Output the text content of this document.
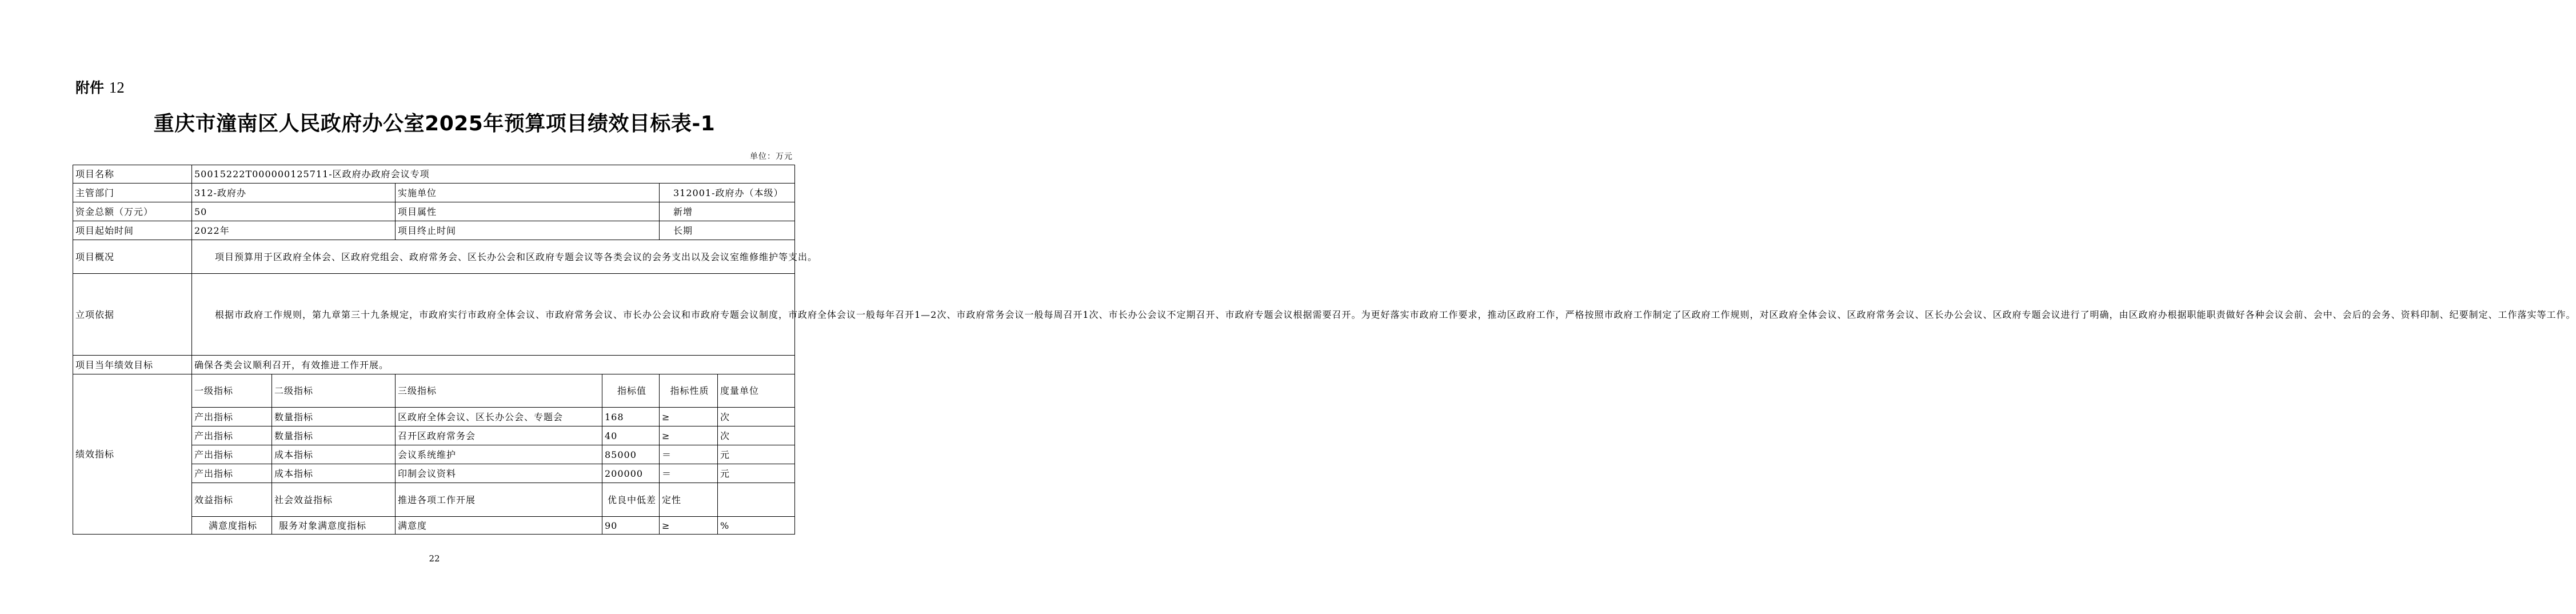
附件 12
重庆市潼南区人民政府办公室2025年预算项目绩效目标表-1
单位：万元
项目名称	50015222T000000125711-区政府办政府会议专项					
主管部门	312-政府办		实施单位		312001-政府办（本级）	
资金总额（万元）	50		项目属性		新增	
项目起始时间	2022年		项目终止时间		长期	
项目概况	项目预算用于区政府全体会、区政府党组会、政府常务会、区长办公会和区政府专题会议等各类会议的会务支出以及会议室维修维护等支出。					
立项依据	根据市政府工作规则，第九章第三十九条规定，市政府实行市政府全体会议、市政府常务会议、市长办公会议和市政府专题会议制度，市政府全体会议一般每年召开1—2次、市政府常务会议一般每周召开1次、市长办公会议不定期召开、市政府专题会议根据需要召开。为更好落实市政府工作要求，推动区政府工作，严格按照市政府工作制定了区政府工作规则，对区政府全体会议、区政府常务会议、区长办公会议、区政府专题会议进行了明确，由区政府办根据职能职责做好各种会议会前、会中、会后的会务、资料印制、纪要制定、工作落实等工作。					
项目当年绩效目标	确保各类会议顺利召开，有效推进工作开展。					
绩效指标	一级指标	二级指标	三级指标	指标值	指标性质	度量单位
	产出指标	数量指标	区政府全体会议、区长办公会、专题会	168	≥	次
	产出指标	数量指标	召开区政府常务会	40	≥	次
	产出指标	成本指标	会议系统维护	85000	＝	元
	产出指标	成本指标	印制会议资料	200000	＝	元
	效益指标	社会效益指标	推进各项工作开展	优良中低差	定性	
	满意度指标	服务对象满意度指标	满意度	90	≥	%
22
